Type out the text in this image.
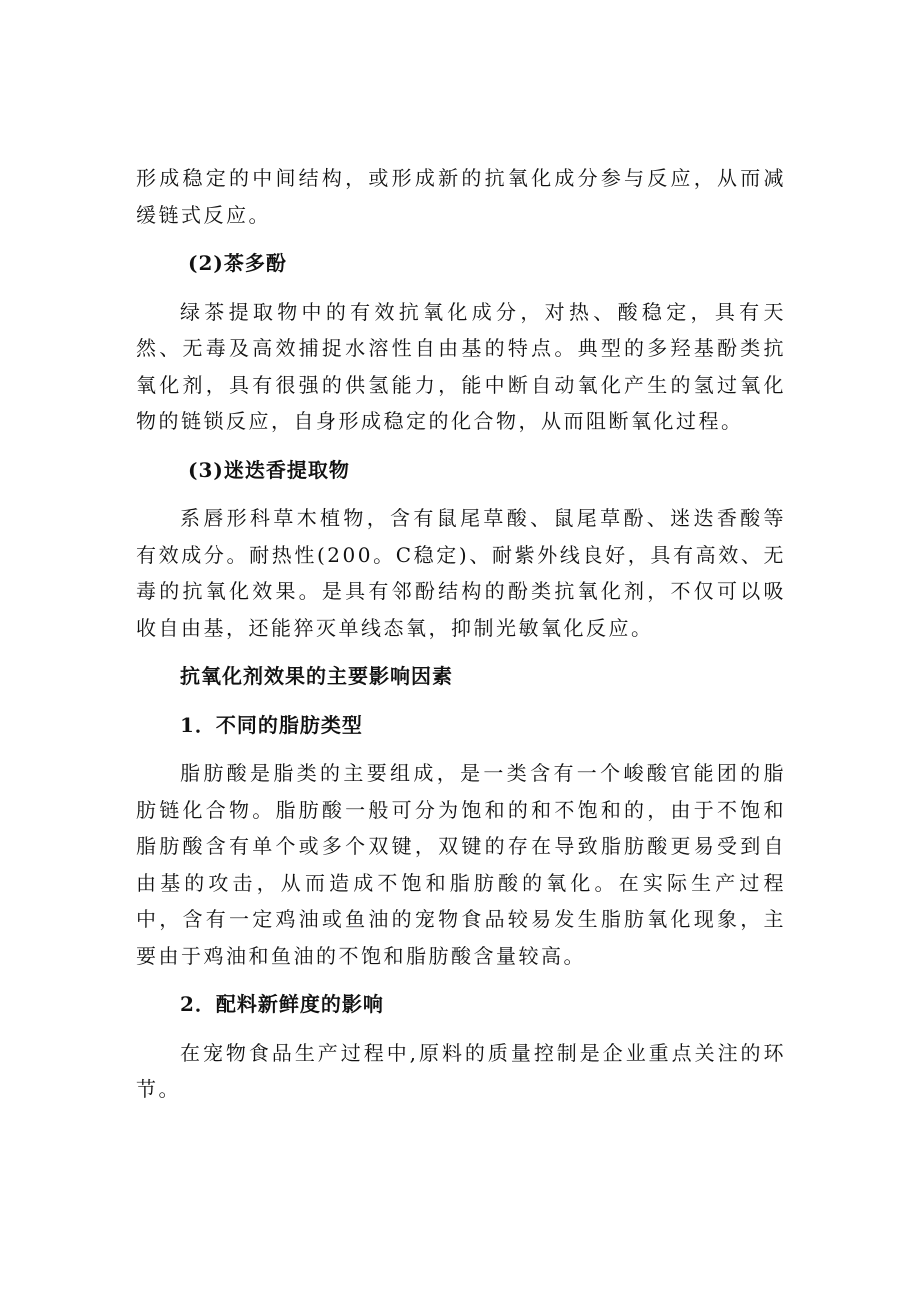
形成稳定的中间结构，或形成新的抗氧化成分参与反应，从而减缓链式反应。

(2)茶多酚

绿茶提取物中的有效抗氧化成分，对热、酸稳定，具有天然、无毒及高效捕捉水溶性自由基的特点。典型的多羟基酚类抗氧化剂，具有很强的供氢能力，能中断自动氧化产生的氢过氧化物的链锁反应，自身形成稳定的化合物，从而阻断氧化过程。

(3)迷迭香提取物

系唇形科草木植物，含有鼠尾草酸、鼠尾草酚、迷迭香酸等有效成分。耐热性(200。C稳定)、耐紫外线良好，具有高效、无毒的抗氧化效果。是具有邻酚结构的酚类抗氧化剂，不仅可以吸收自由基，还能猝灭单线态氧，抑制光敏氧化反应。

抗氧化剂效果的主要影响因素
1．不同的脂肪类型

脂肪酸是脂类的主要组成，是一类含有一个峻酸官能团的脂肪链化合物。脂肪酸一般可分为饱和的和不饱和的，由于不饱和脂肪酸含有单个或多个双键，双键的存在导致脂肪酸更易受到自由基的攻击，从而造成不饱和脂肪酸的氧化。在实际生产过程中，含有一定鸡油或鱼油的宠物食品较易发生脂肪氧化现象，主要由于鸡油和鱼油的不饱和脂肪酸含量较高。

2．配料新鲜度的影响

在宠物食品生产过程中,原料的质量控制是企业重点关注的环节。
